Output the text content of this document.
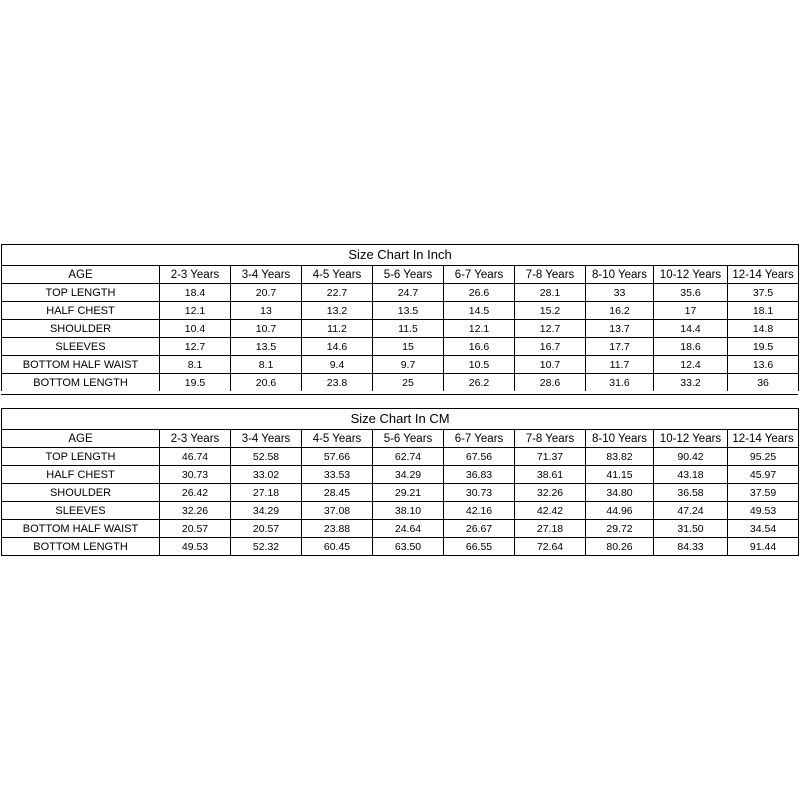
Size Chart In Inch									
AGE	2-3 Years	3-4 Years	4-5 Years	5-6 Years	6-7 Years	7-8 Years	8-10 Years	10-12 Years	12-14 Years
TOP LENGTH	18.4	20.7	22.7	24.7	26.6	28.1	33	35.6	37.5
HALF CHEST	12.1	13	13.2	13.5	14.5	15.2	16.2	17	18.1
SHOULDER	10.4	10.7	11.2	11.5	12.1	12.7	13.7	14.4	14.8
SLEEVES	12.7	13.5	14.6	15	16.6	16.7	17.7	18.6	19.5
BOTTOM HALF WAIST	8.1	8.1	9.4	9.7	10.5	10.7	11.7	12.4	13.6
BOTTOM LENGTH	19.5	20.6	23.8	25	26.2	28.6	31.6	33.2	36
Size Chart In CM									
AGE	2-3 Years	3-4 Years	4-5 Years	5-6 Years	6-7 Years	7-8 Years	8-10 Years	10-12 Years	12-14 Years
TOP LENGTH	46.74	52.58	57.66	62.74	67.56	71.37	83.82	90.42	95.25
HALF CHEST	30.73	33.02	33.53	34.29	36.83	38.61	41.15	43.18	45.97
SHOULDER	26.42	27.18	28.45	29.21	30.73	32.26	34.80	36.58	37.59
SLEEVES	32.26	34.29	37.08	38.10	42.16	42.42	44.96	47.24	49.53
BOTTOM HALF WAIST	20.57	20.57	23.88	24.64	26.67	27.18	29.72	31.50	34.54
BOTTOM LENGTH	49.53	52.32	60.45	63.50	66.55	72.64	80.26	84.33	91.44
